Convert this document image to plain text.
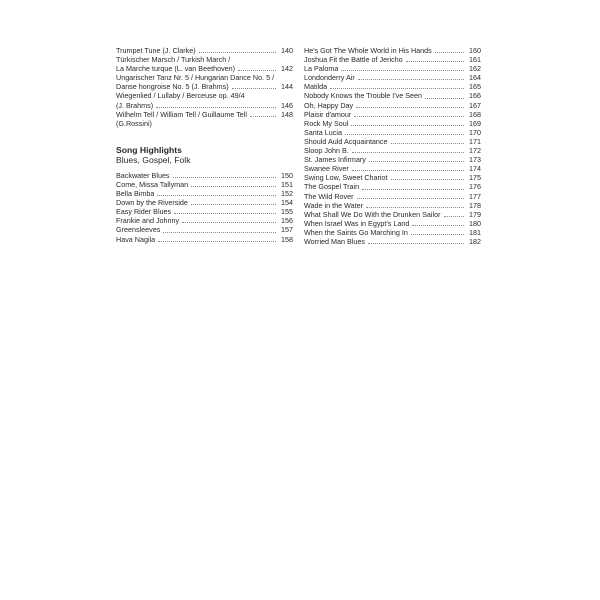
Trumpet Tune (J. Clarke)	140
Türkischer Marsch / Turkish March /
La Marche turque (L. van Beethoven)	142
Ungarischer Tanz Nr. 5 / Hungarian Dance No. 5 /
Danse hongroise No. 5 (J. Brahms)	144
Wiegenlied / Lullaby / Berceuse op. 49/4
(J. Brahms)	146
Wilhelm Tell / William Tell / Guillaume Tell	148
(G.Rossini)
Song Highlights
Blues, Gospel, Folk
Backwater Blues	150
Come, Missa Tallyman	151
Bella Bimba	152
Down by the Riverside	154
Easy Rider Blues	155
Frankie and Johnny	156
Greensleeves	157
Hava Nagila	158
He's Got The Whole World in His Hands	160
Joshua Fit the Battle of Jericho	161
La Paloma	162
Londonderry Air	164
Matilda	165
Nobody Knows the Trouble I've Seen	166
Oh, Happy Day	167
Plaisir d'amour	168
Rock My Soul	169
Santa Lucia	170
Should Auld Acquaintance	171
Sloop John B.	172
St. James Infirmary	173
Swanee River	174
Swing Low, Sweet Chariot	175
The Gospel Train	176
The Wild Rover	177
Wade in the Water	178
What Shall We Do With the Drunken Sailor	179
When Israel Was in Egypt's Land	180
When the Saints Go Marching In	181
Worried Man Blues	182
